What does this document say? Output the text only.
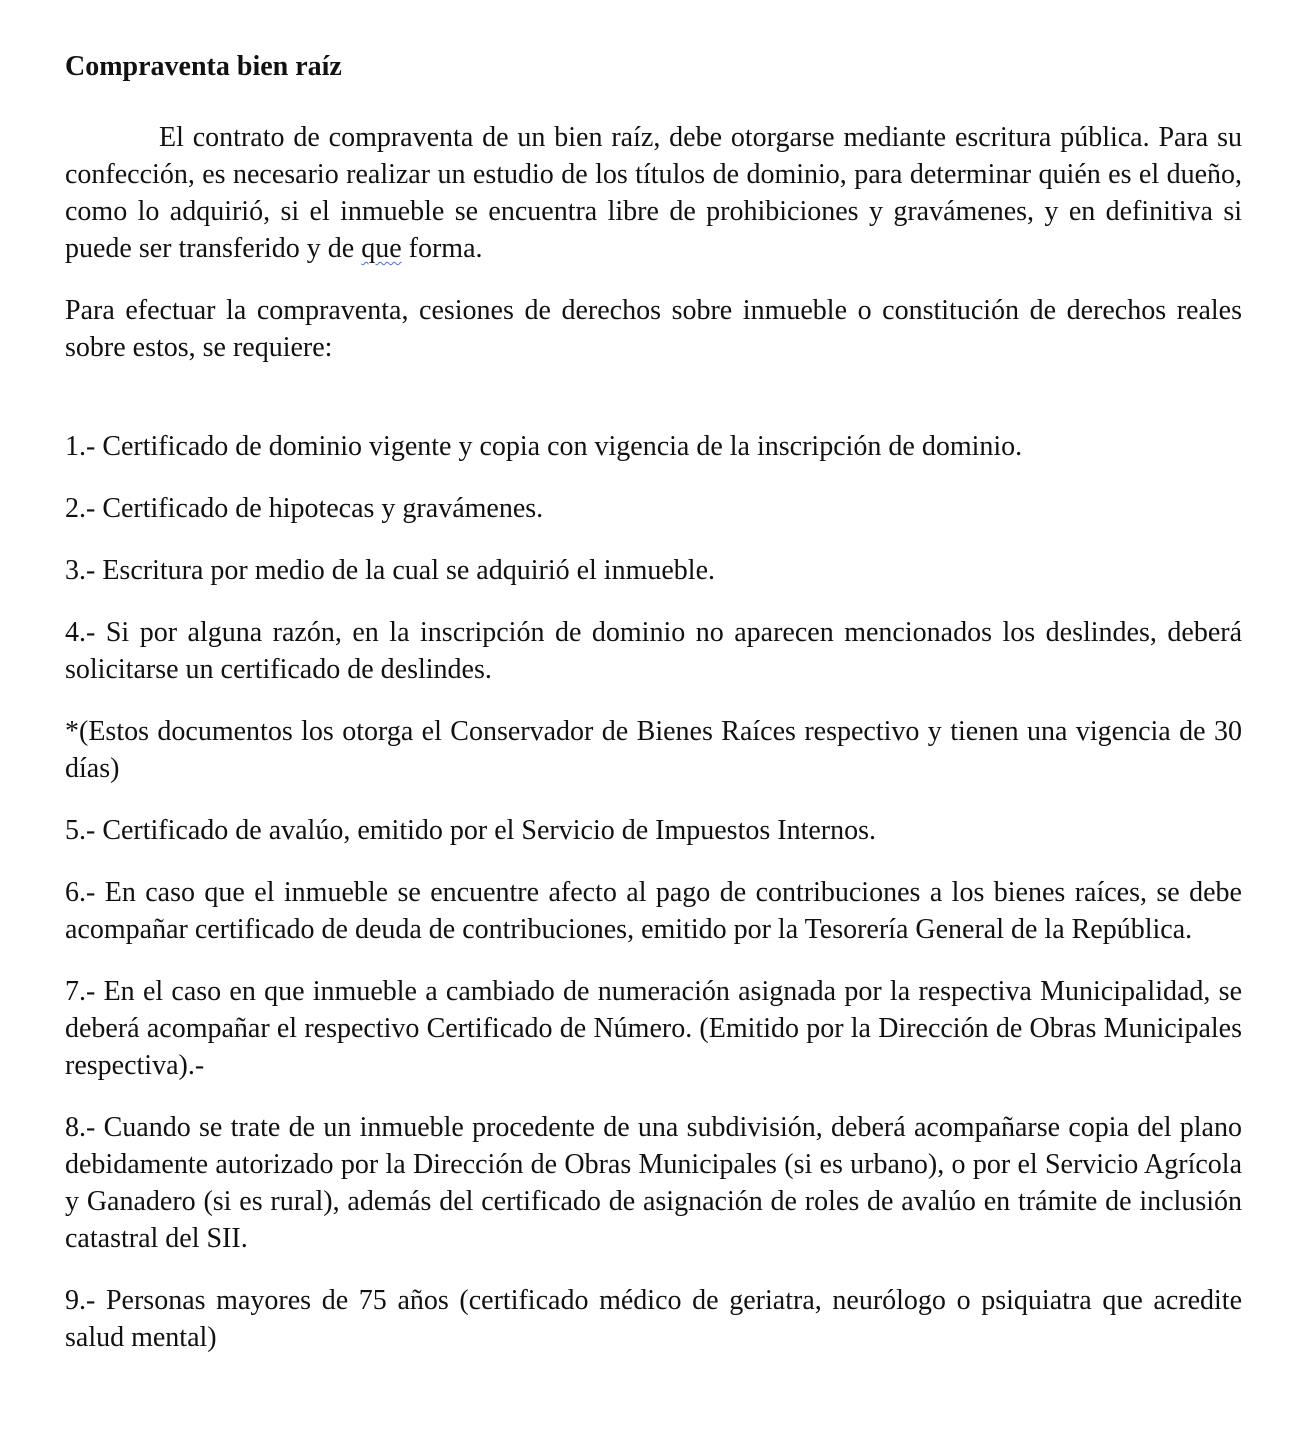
Compraventa bien raíz

El contrato de compraventa de un bien raíz, debe otorgarse mediante escritura pública. Para su confección, es necesario realizar un estudio de los títulos de dominio, para determinar quién es el dueño, como lo adquirió, si el inmueble se encuentra libre de prohibiciones y gravámenes, y en definitiva si puede ser transferido y de que forma.

Para efectuar la compraventa, cesiones de derechos sobre inmueble o constitución de derechos reales sobre estos, se requiere:

1.- Certificado de dominio vigente y copia con vigencia de la inscripción de dominio.

2.- Certificado de hipotecas y gravámenes.

3.- Escritura por medio de la cual se adquirió el inmueble.

4.- Si por alguna razón, en la inscripción de dominio no aparecen mencionados los deslindes, deberá solicitarse un certificado de deslindes.

*(Estos documentos los otorga el Conservador de Bienes Raíces respectivo y tienen una vigencia de 30 días)

5.- Certificado de avalúo, emitido por el Servicio de Impuestos Internos.

6.- En caso que el inmueble se encuentre afecto al pago de contribuciones a los bienes raíces, se debe acompañar certificado de deuda de contribuciones, emitido por la Tesorería General de la República.

7.- En el caso en que inmueble a cambiado de numeración asignada por la respectiva Municipalidad, se deberá acompañar el respectivo Certificado de Número. (Emitido por la Dirección de Obras Municipales respectiva).-

8.- Cuando se trate de un inmueble procedente de una subdivisión, deberá acompañarse copia del plano debidamente autorizado por la Dirección de Obras Municipales (si es urbano), o por el Servicio Agrícola y Ganadero (si es rural), además del certificado de asignación de roles de avalúo en trámite de inclusión catastral del SII.

9.- Personas mayores de 75 años (certificado médico de geriatra, neurólogo o psiquiatra que acredite salud mental)
